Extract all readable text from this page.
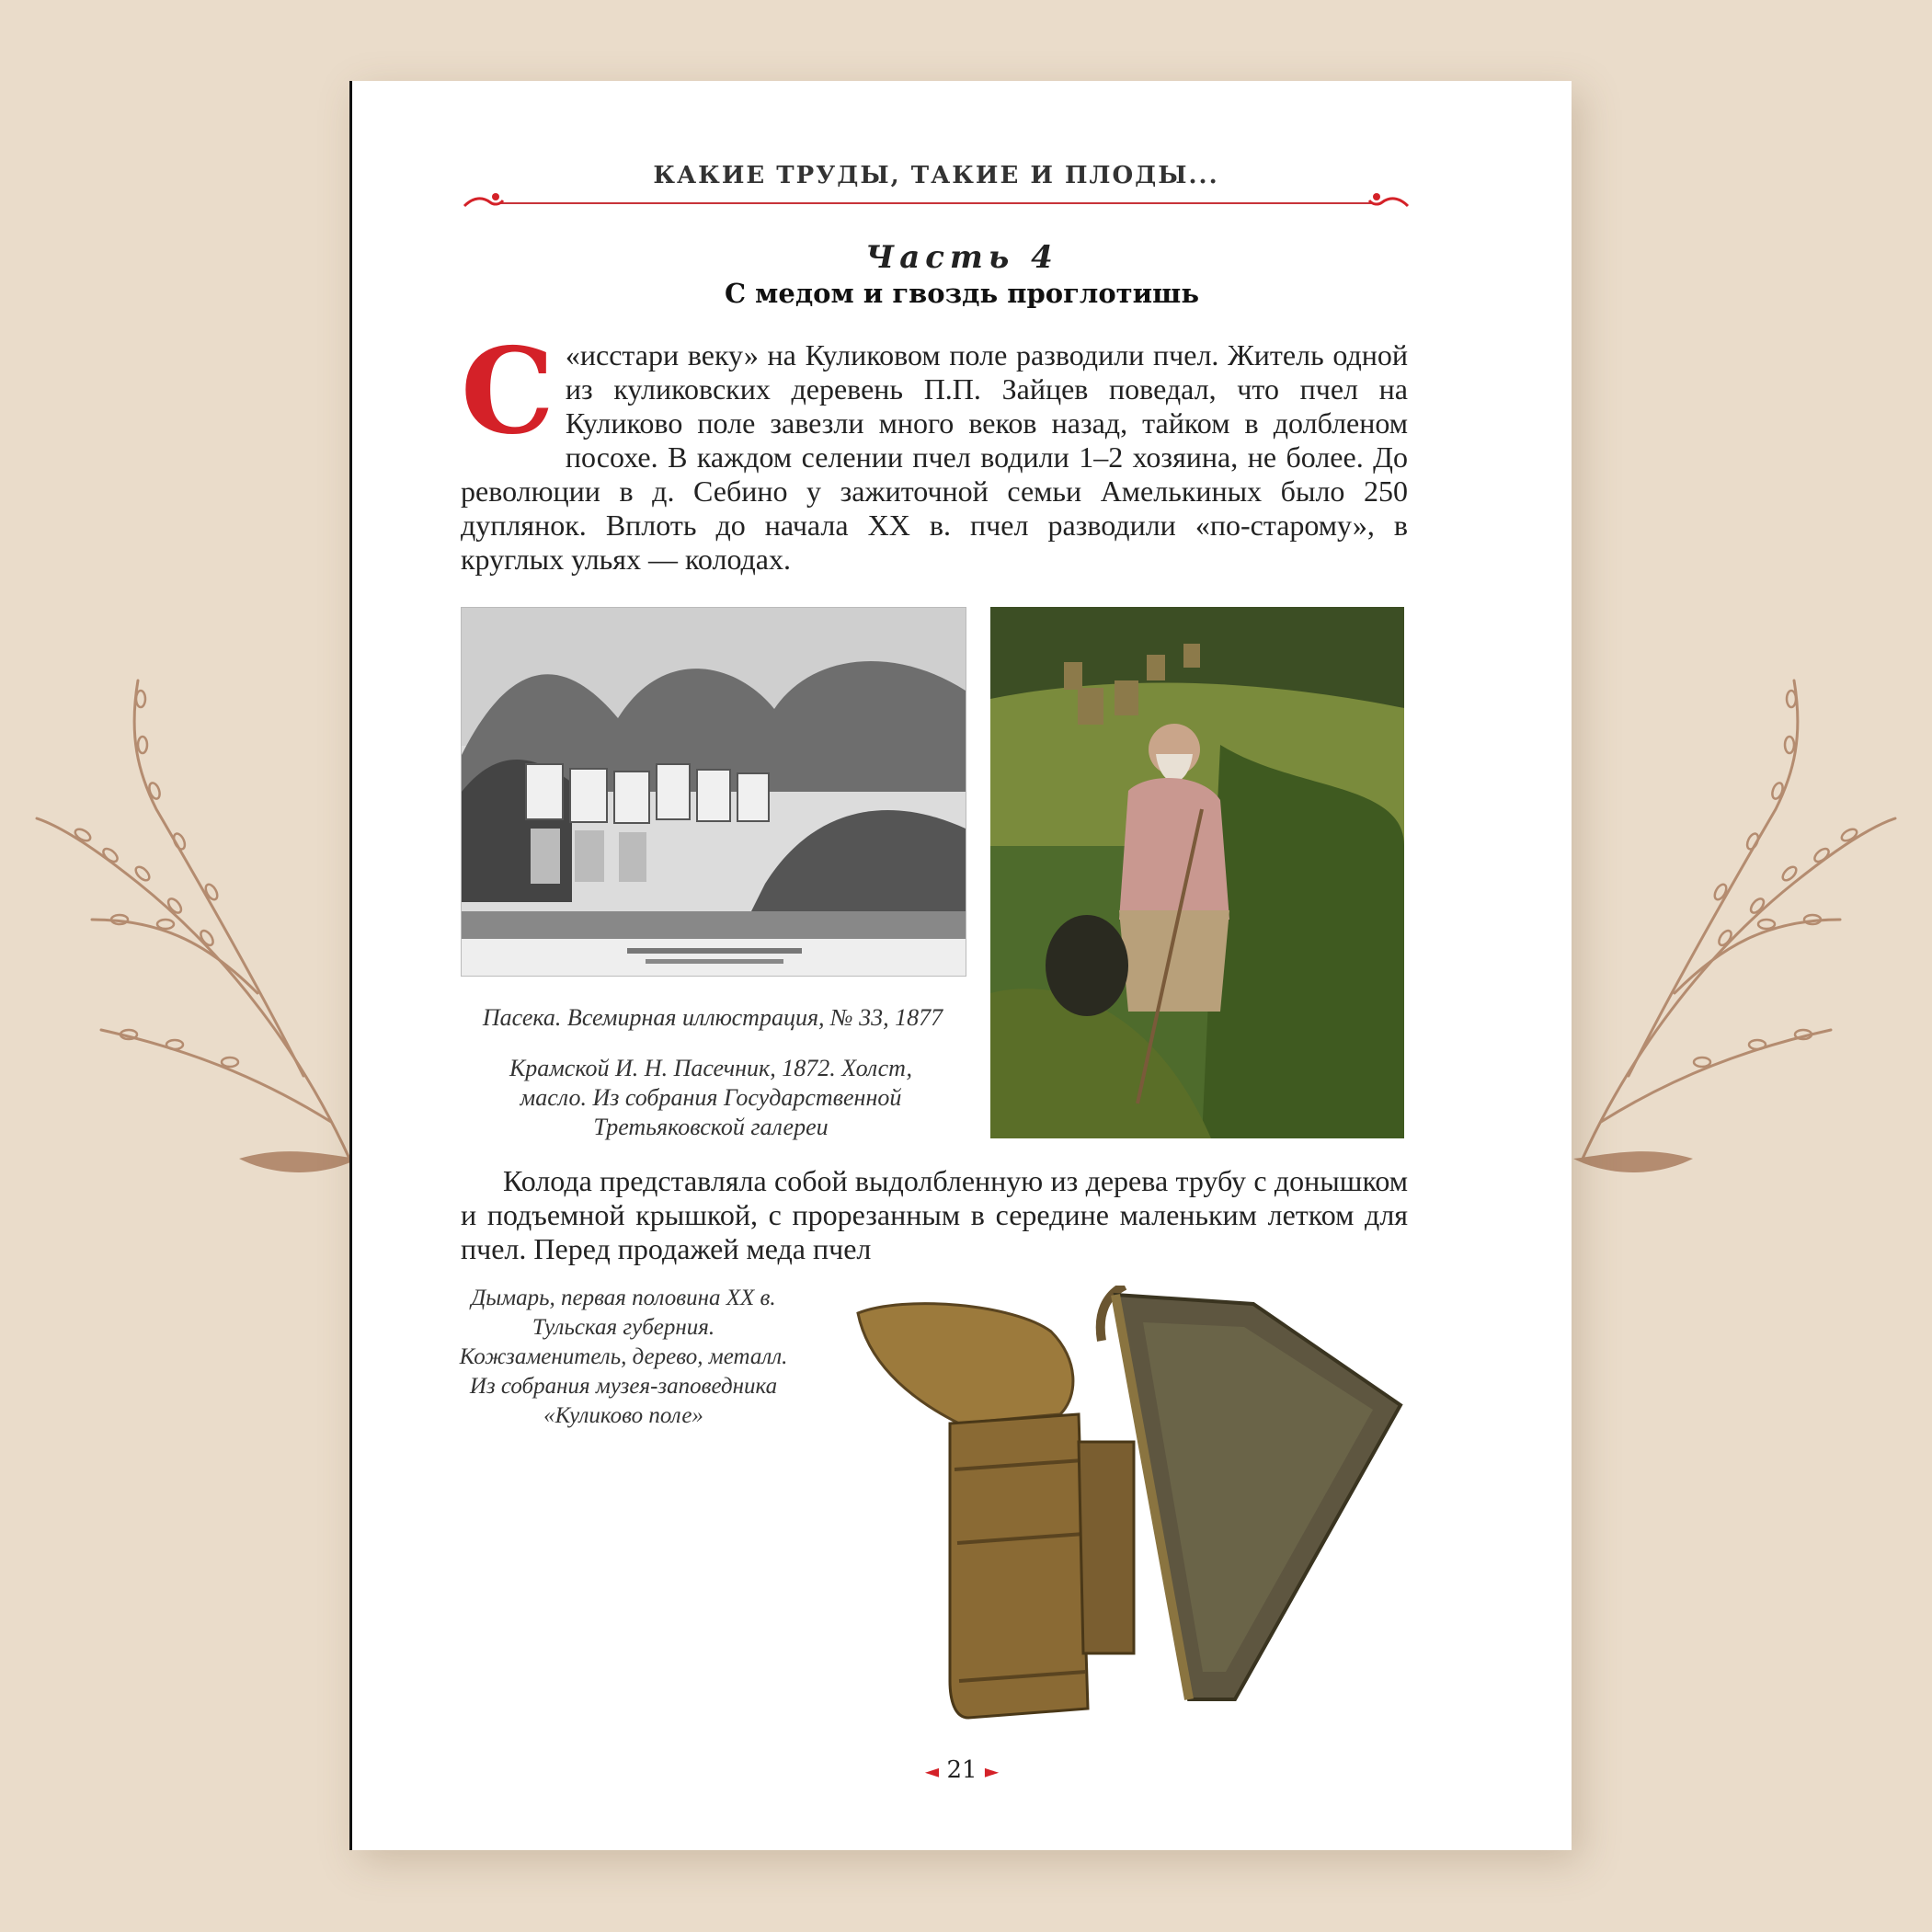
КАКИЕ ТРУДЫ, ТАКИЕ И ПЛОДЫ...
Часть 4
С медом и гвоздь проглотишь
С «исстари веку» на Куликовом поле разводили пчел. Житель одной из куликовских деревень П.П. Зайцев поведал, что пчел на Куликово поле завезли много веков назад, тайком в долбленом посохе. В каждом селении пчел водили 1–2 хозяина, не более. До революции в д. Себино у зажиточной семьи Амелькиных было 250 дуплянок. Вплоть до начала XX в. пчел разводили «по-старому», в круглых ульях — колодах.
Пасека. Всемирная иллюстрация, № 33, 1877
Крамской И. Н. Пасечник, 1872. Холст, масло. Из собрания Государственной Третьяковской галереи
Колода представляла собой выдолбленную из дерева трубу с донышком и подъемной крышкой, с прорезанным в середине маленьким летком для пчел. Перед продажей меда пчел
Дымарь, первая половина XX в. Тульская губерния. Кожзаменитель, дерево, металл. Из собрания музея-заповедника «Куликово поле»
◄ 21 ►
